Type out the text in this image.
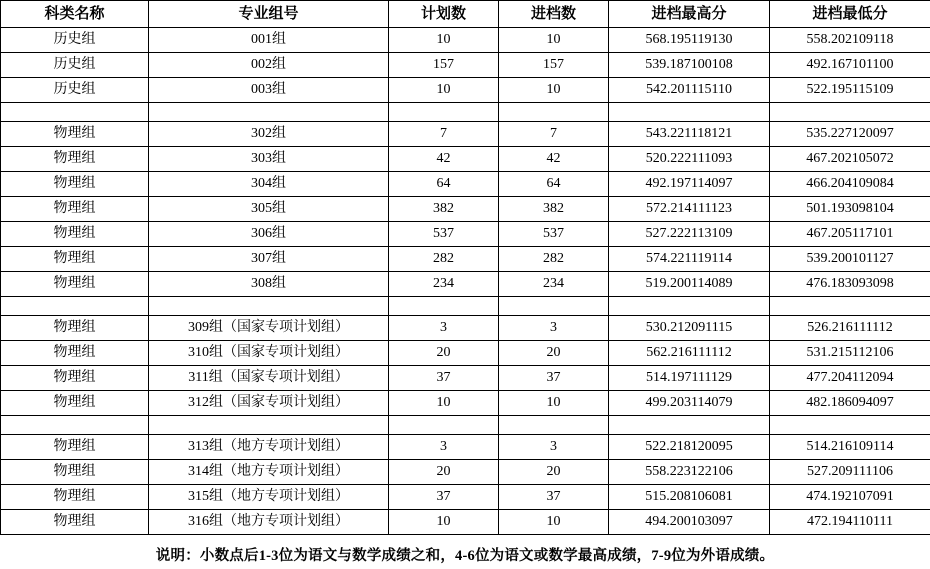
科类名称	专业组号	计划数	进档数	进档最高分	进档最低分
历史组	001组	10	10	568.195119130	558.202109118
历史组	002组	157	157	539.187100108	492.167101100
历史组	003组	10	10	542.201115110	522.195115109

物理组	302组	7	7	543.221118121	535.227120097
物理组	303组	42	42	520.222111093	467.202105072
物理组	304组	64	64	492.197114097	466.204109084
物理组	305组	382	382	572.214111123	501.193098104
物理组	306组	537	537	527.222113109	467.205117101
物理组	307组	282	282	574.221119114	539.200101127
物理组	308组	234	234	519.200114089	476.183093098

物理组	309组（国家专项计划组）	3	3	530.212091115	526.216111112
物理组	310组（国家专项计划组）	20	20	562.216111112	531.215112106
物理组	311组（国家专项计划组）	37	37	514.197111129	477.204112094
物理组	312组（国家专项计划组）	10	10	499.203114079	482.186094097

物理组	313组（地方专项计划组）	3	3	522.218120095	514.216109114
物理组	314组（地方专项计划组）	20	20	558.223122106	527.209111106
物理组	315组（地方专项计划组）	37	37	515.208106081	474.192107091
物理组	316组（地方专项计划组）	10	10	494.200103097	472.194110111
说明：小数点后1-3位为语文与数学成绩之和，4-6位为语文或数学最高成绩，7-9位为外语成绩。
